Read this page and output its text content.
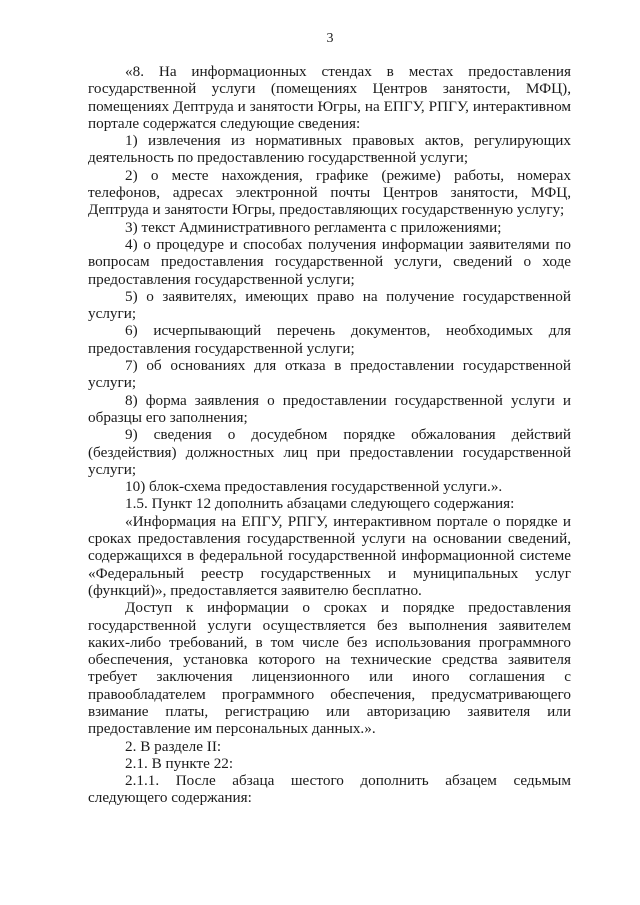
3

«8. На информационных стендах в местах предоставления государственной услуги (помещениях Центров занятости, МФЦ), помещениях Дептруда и занятости Югры, на ЕПГУ, РПГУ, интерактивном портале содержатся следующие сведения:

1) извлечения из нормативных правовых актов, регулирующих деятельность по предоставлению государственной услуги;

2) о месте нахождения, графике (режиме) работы, номерах телефонов, адресах электронной почты Центров занятости, МФЦ, Дептруда и занятости Югры, предоставляющих государственную услугу;

3) текст Административного регламента с приложениями;

4) о процедуре и способах получения информации заявителями по вопросам предоставления государственной услуги, сведений о ходе предоставления государственной услуги;

5) о заявителях, имеющих право на получение государственной услуги;

6) исчерпывающий перечень документов, необходимых для предоставления государственной услуги;

7) об основаниях для отказа в предоставлении государственной услуги;

8) форма заявления о предоставлении государственной услуги и образцы его заполнения;

9) сведения о досудебном порядке обжалования действий (бездействия) должностных лиц при предоставлении государственной услуги;

10) блок-схема предоставления государственной услуги.».

1.5. Пункт 12 дополнить абзацами следующего содержания:

«Информация на ЕПГУ, РПГУ, интерактивном портале о порядке и сроках предоставления государственной услуги на основании сведений, содержащихся в федеральной государственной информационной системе «Федеральный реестр государственных и муниципальных услуг (функций)», предоставляется заявителю бесплатно.

Доступ к информации о сроках и порядке предоставления государственной услуги осуществляется без выполнения заявителем каких-либо требований, в том числе без использования программного обеспечения, установка которого на технические средства заявителя требует заключения лицензионного или иного соглашения с правообладателем программного обеспечения, предусматривающего взимание платы, регистрацию или авторизацию заявителя или предоставление им персональных данных.».

2. В разделе II:

2.1. В пункте 22:

2.1.1. После абзаца шестого дополнить абзацем седьмым следующего содержания:
